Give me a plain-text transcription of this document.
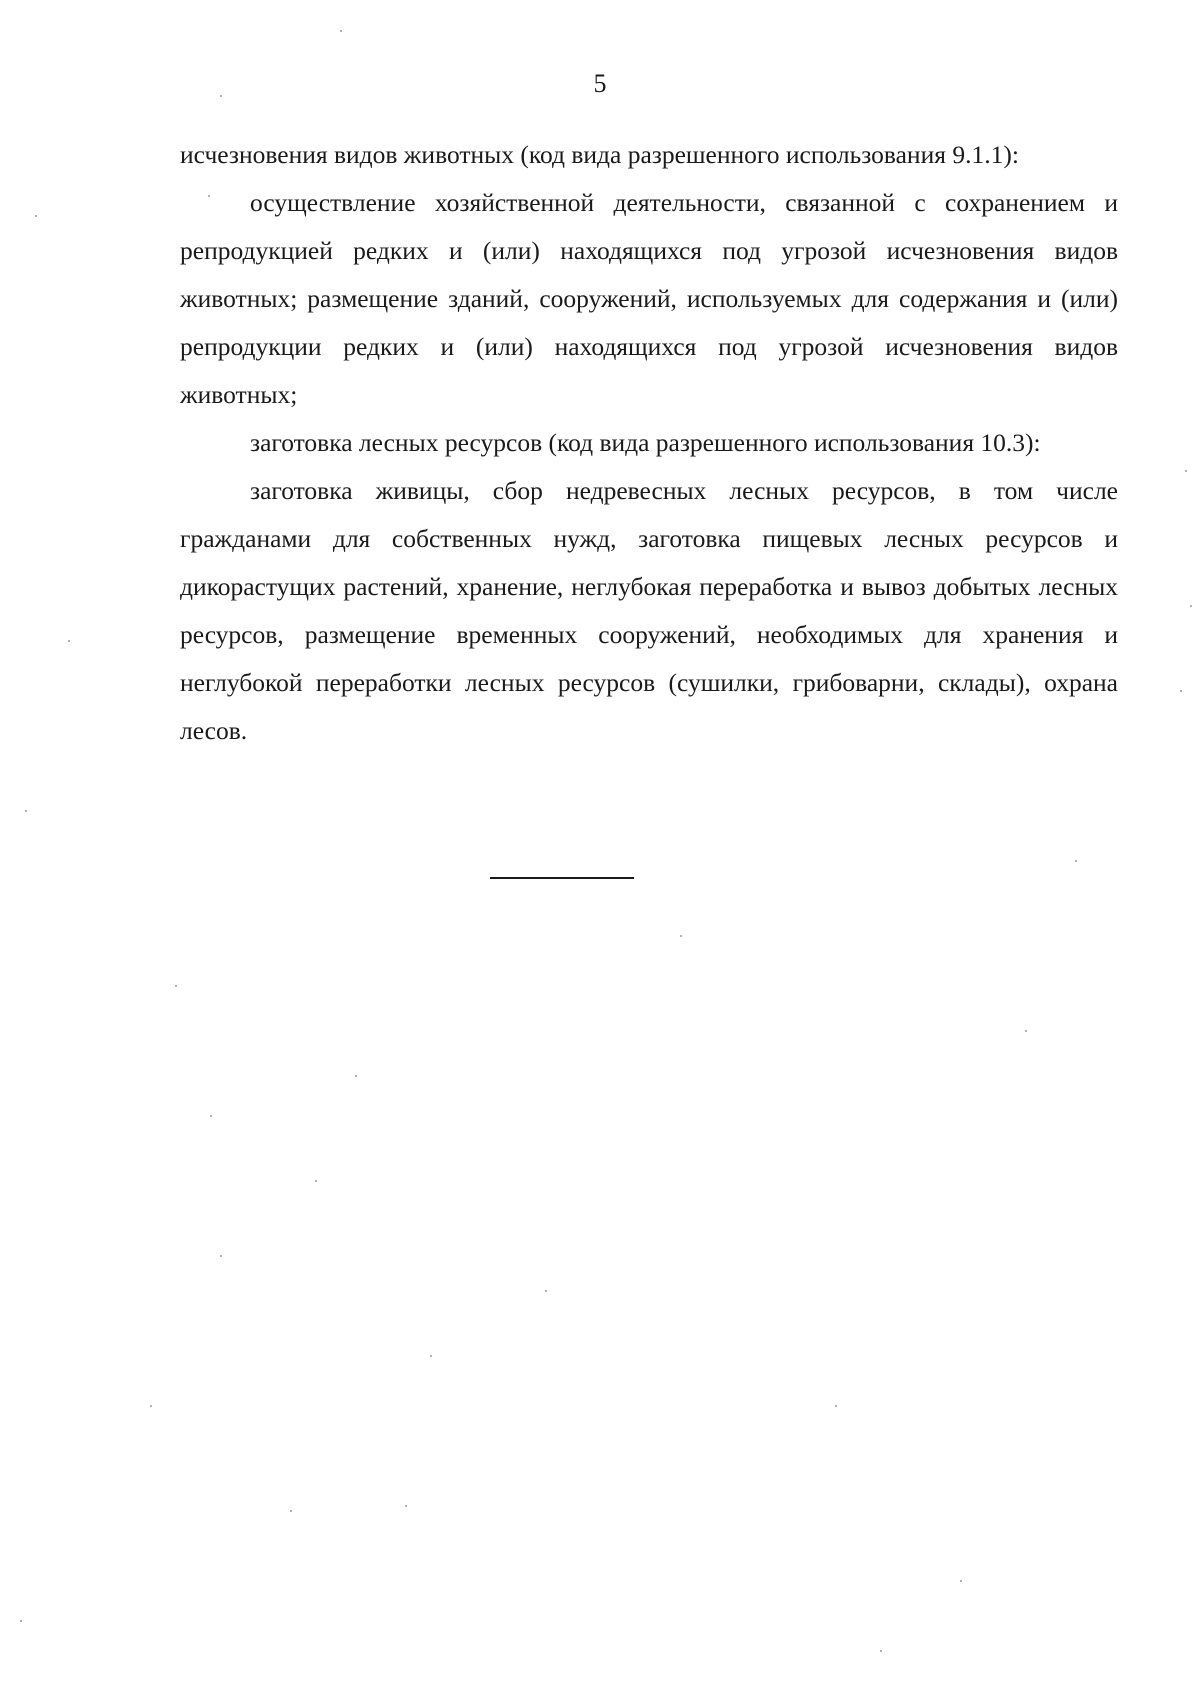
5

исчезновения видов животных (код вида разрешенного использования 9.1.1):

осуществление хозяйственной деятельности, связанной с сохранением и репродукцией редких и (или) находящихся под угрозой исчезновения видов животных; размещение зданий, сооружений, используемых для содержания и (или) репродукции редких и (или) находящихся под угрозой исчезновения видов животных;

заготовка лесных ресурсов (код вида разрешенного использования 10.3):

заготовка живицы, сбор недревесных лесных ресурсов, в том числе гражданами для собственных нужд, заготовка пищевых лесных ресурсов и дикорастущих растений, хранение, неглубокая переработка и вывоз добытых лесных ресурсов, размещение временных сооружений, необходимых для хранения и неглубокой переработки лесных ресурсов (сушилки, грибоварни, склады), охрана лесов.
